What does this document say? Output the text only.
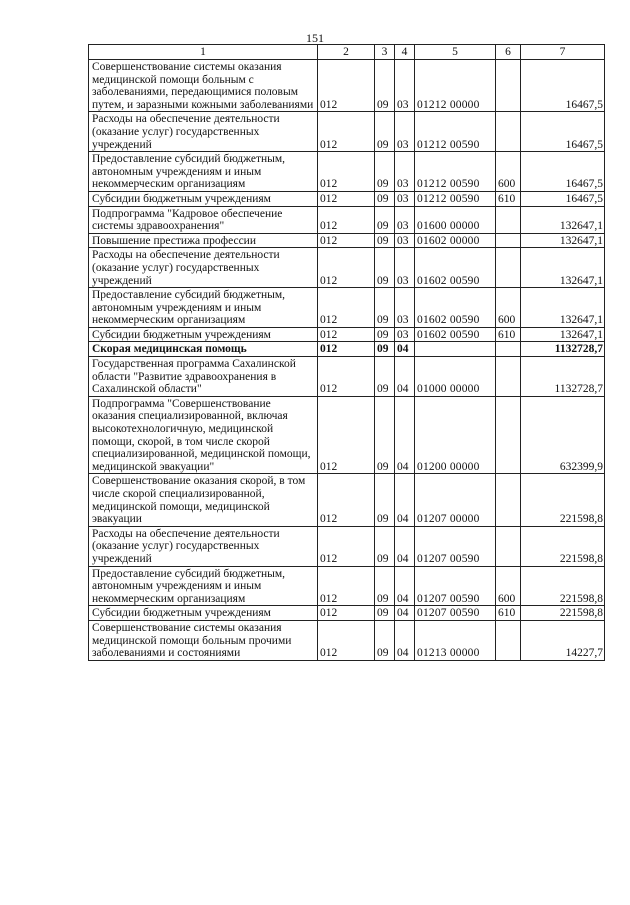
151
1	2	3	4	5	6	7
Совершенствование системы оказания медицинской помощи больным с заболеваниями, передающимися половым путем, и заразными кожными заболеваниями	012	09	03	01212 00000		16467,5
Расходы на обеспечение деятельности (оказание услуг) государственных учреждений	012	09	03	01212 00590		16467,5
Предоставление субсидий бюджетным, автономным учреждениям и иным некоммерческим организациям	012	09	03	01212 00590	600	16467,5
Субсидии бюджетным учреждениям	012	09	03	01212 00590	610	16467,5
Подпрограмма "Кадровое обеспечение системы здравоохранения"	012	09	03	01600 00000		132647,1
Повышение престижа профессии	012	09	03	01602 00000		132647,1
Расходы на обеспечение деятельности (оказание услуг) государственных учреждений	012	09	03	01602 00590		132647,1
Предоставление субсидий бюджетным, автономным учреждениям и иным некоммерческим организациям	012	09	03	01602 00590	600	132647,1
Субсидии бюджетным учреждениям	012	09	03	01602 00590	610	132647,1
Скорая медицинская помощь	012	09	04			1132728,7
Государственная программа Сахалинской области "Развитие здравоохранения в Сахалинской области"	012	09	04	01000 00000		1132728,7
Подпрограмма "Совершенствование оказания специализированной, включая высокотехнологичную, медицинской помощи, скорой, в том числе скорой специализированной, медицинской помощи, медицинской эвакуации"	012	09	04	01200 00000		632399,9
Совершенствование оказания скорой, в том числе скорой специализированной, медицинской помощи, медицинской эвакуации	012	09	04	01207 00000		221598,8
Расходы на обеспечение деятельности (оказание услуг) государственных учреждений	012	09	04	01207 00590		221598,8
Предоставление субсидий бюджетным, автономным учреждениям и иным некоммерческим организациям	012	09	04	01207 00590	600	221598,8
Субсидии бюджетным учреждениям	012	09	04	01207 00590	610	221598,8
Совершенствование системы оказания медицинской помощи больным прочими заболеваниями и состояниями	012	09	04	01213 00000		14227,7
